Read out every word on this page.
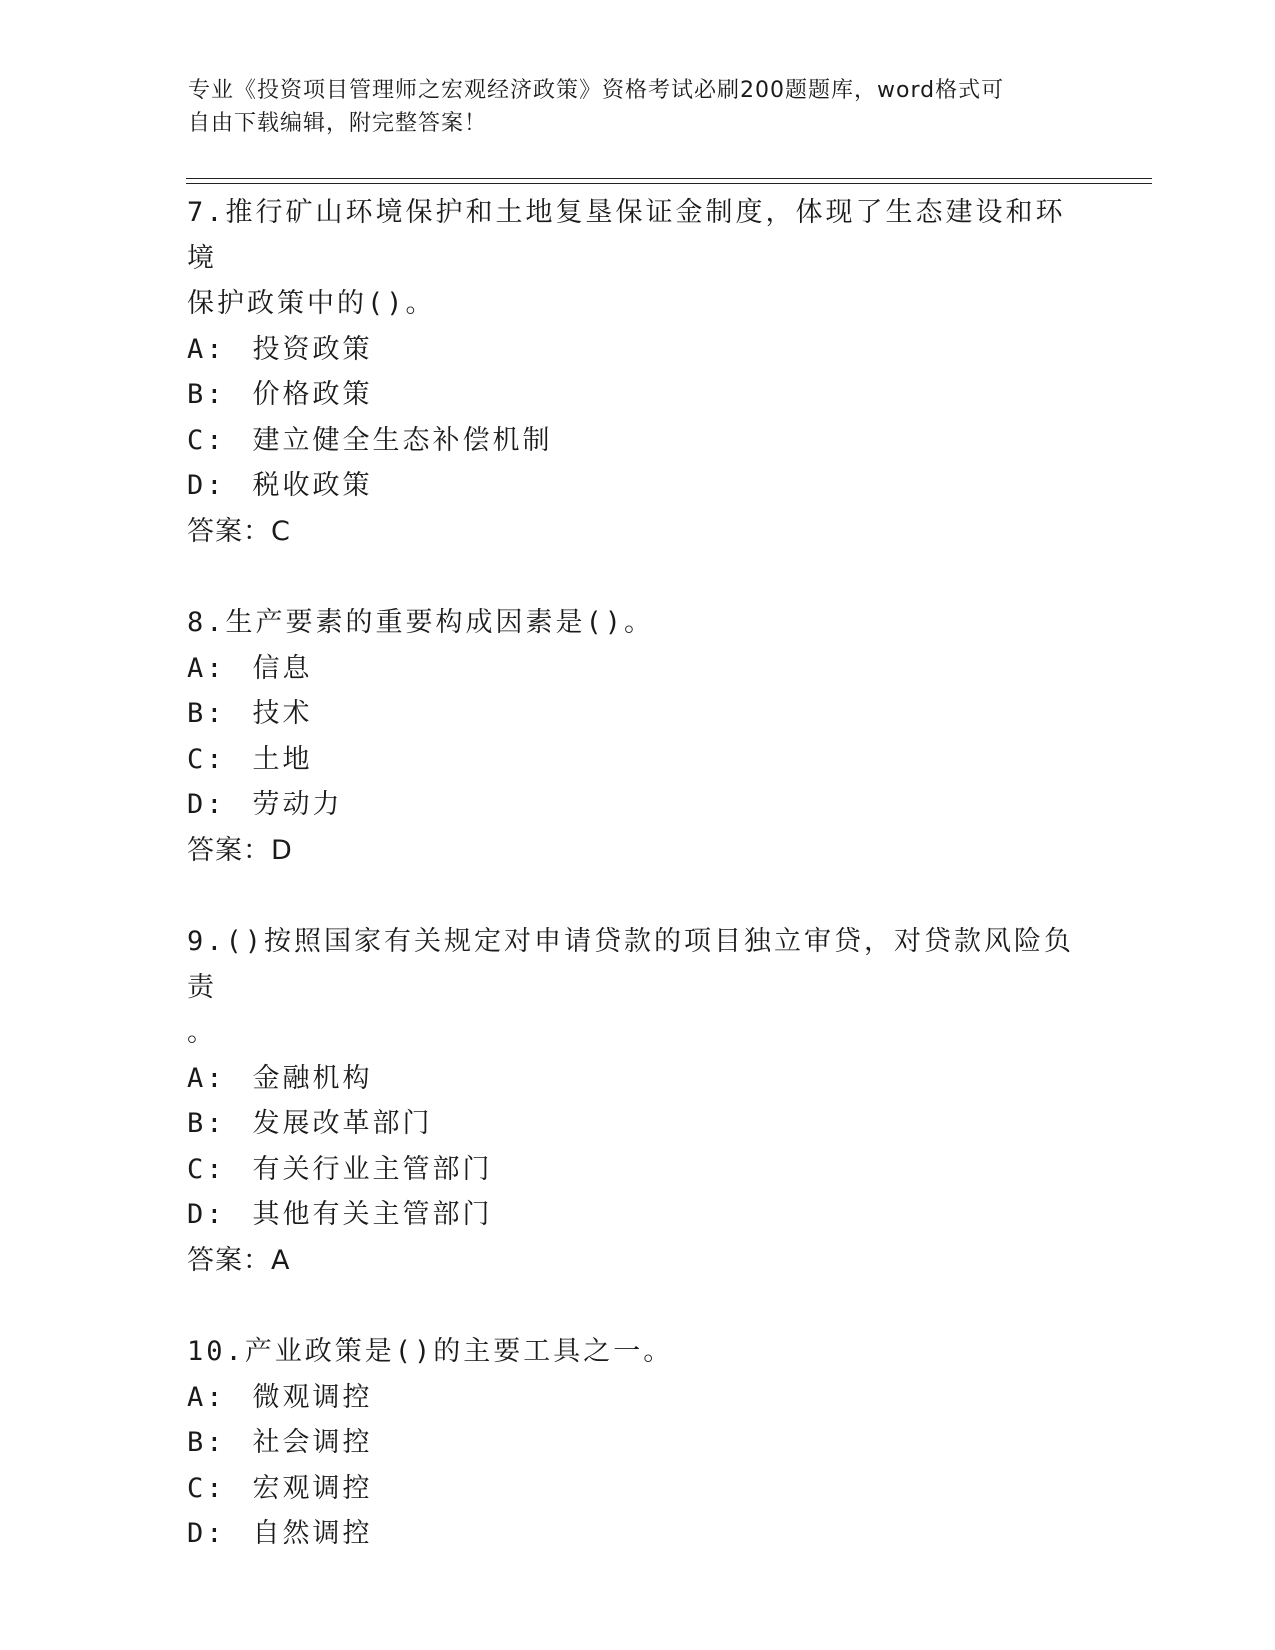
专业《投资项目管理师之宏观经济政策》资格考试必刷200题题库，word格式可
自由下载编辑，附完整答案！

7.推行矿山环境保护和土地复垦保证金制度，体现了生态建设和环境

保护政策中的()。

A: 投资政策

B: 价格政策

C: 建立健全生态补偿机制

D: 税收政策

答案：C

8.生产要素的重要构成因素是()。

A: 信息

B: 技术

C: 土地

D: 劳动力

答案：D

9.()按照国家有关规定对申请贷款的项目独立审贷，对贷款风险负责

。

A: 金融机构

B: 发展改革部门

C: 有关行业主管部门

D: 其他有关主管部门

答案：A

10.产业政策是()的主要工具之一。

A: 微观调控

B: 社会调控

C: 宏观调控

D: 自然调控
